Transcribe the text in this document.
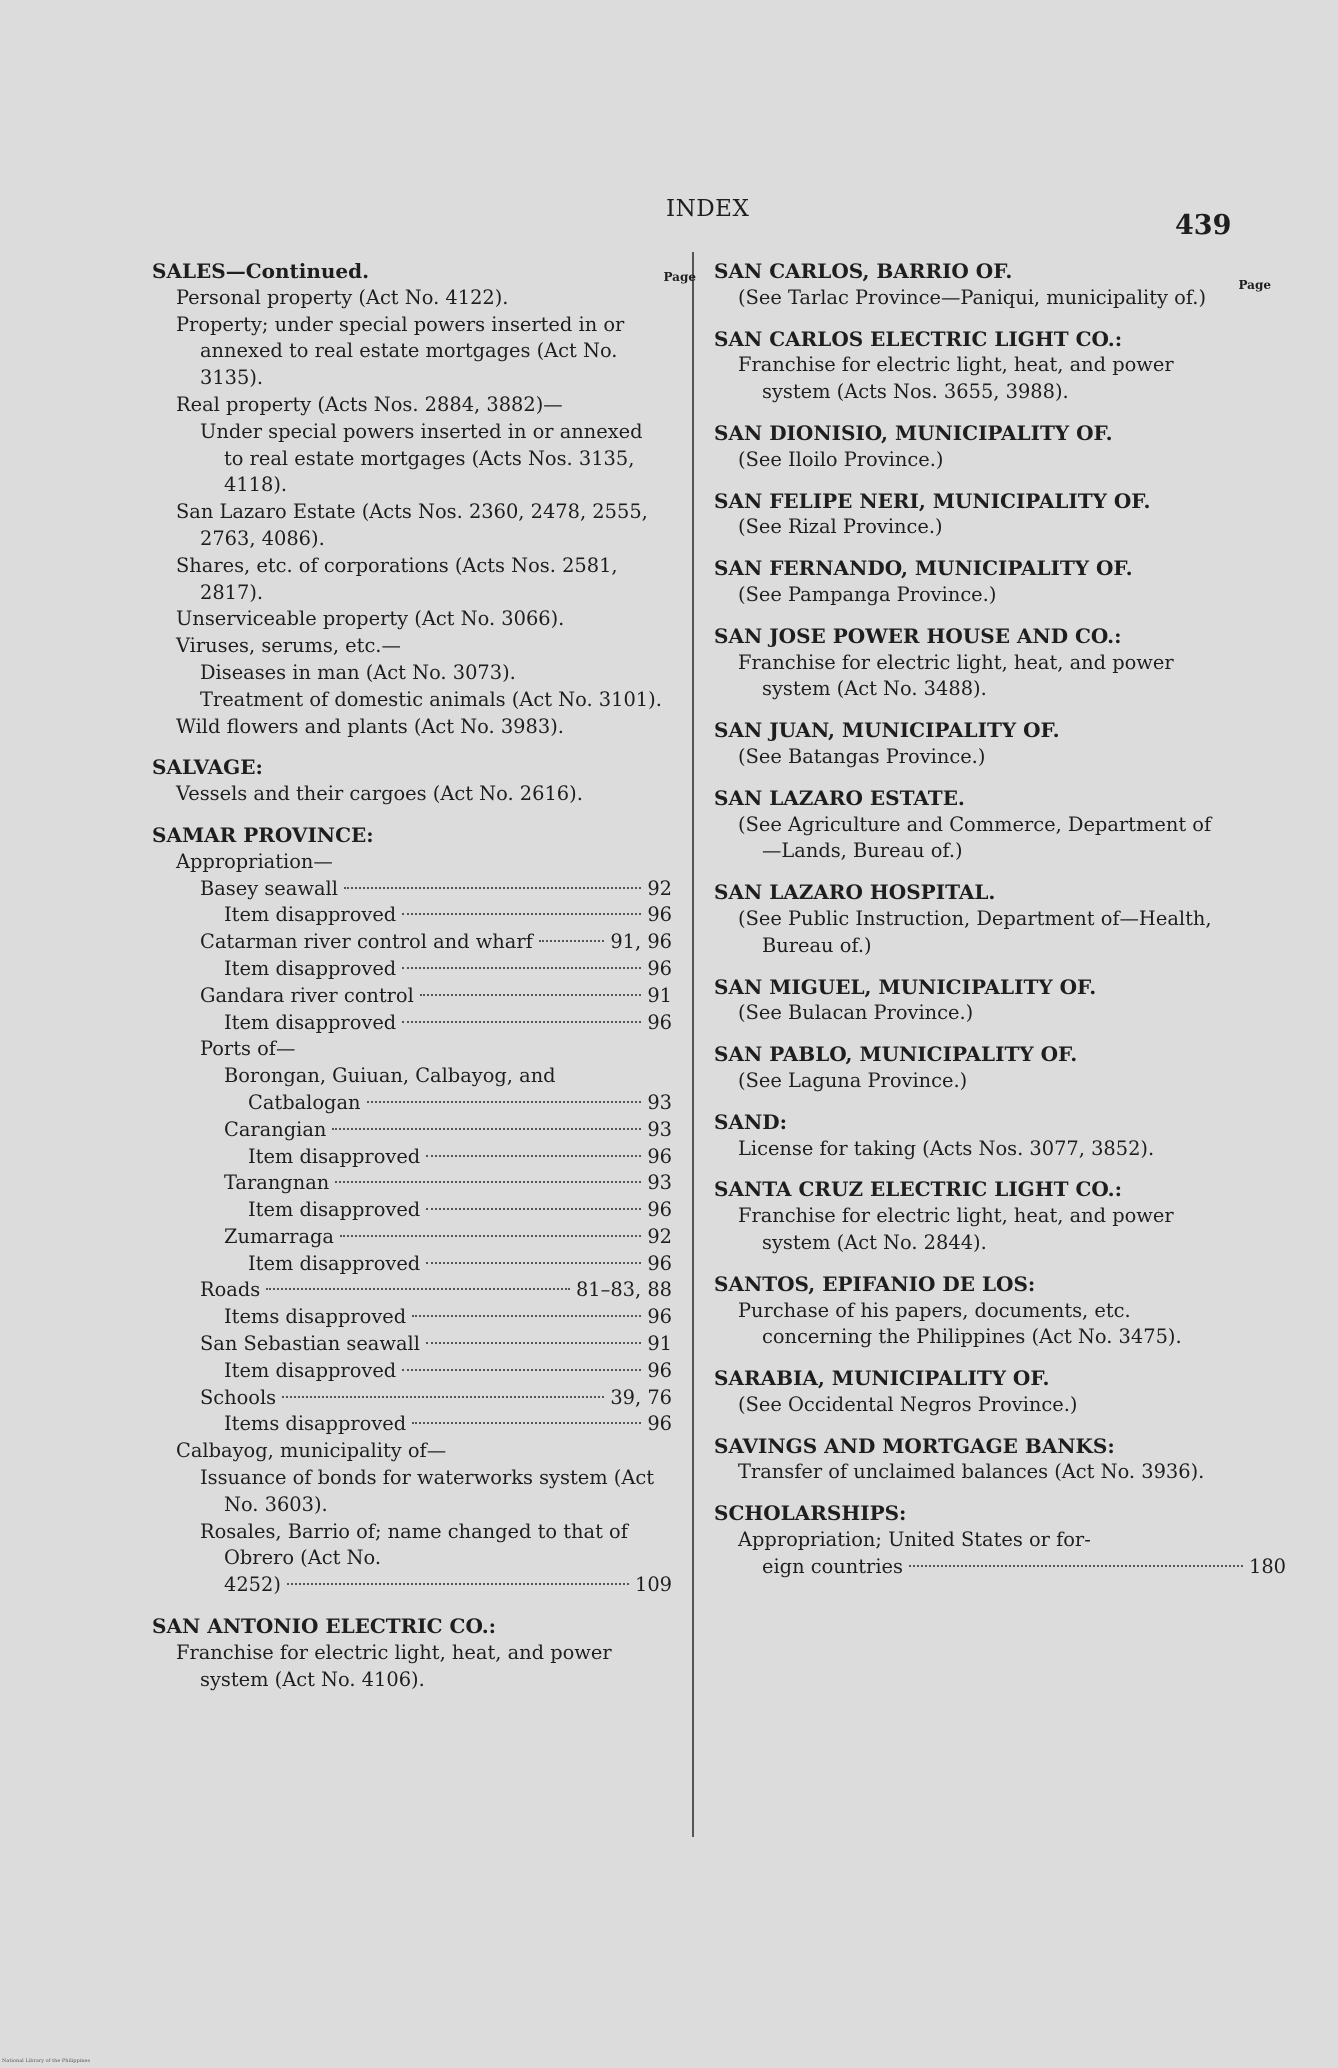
INDEX
439
Page
SALES—Continued.
Personal property (Act No. 4122).
Property; under special powers inserted in or annexed to real estate mortgages (Act No. 3135).
Real property (Acts Nos. 2884, 3882)—
Under special powers inserted in or annexed to real estate mortgages (Acts Nos. 3135, 4118).
San Lazaro Estate (Acts Nos. 2360, 2478, 2555, 2763, 4086).
Shares, etc. of corporations (Acts Nos. 2581, 2817).
Unserviceable property (Act No. 3066).
Viruses, serums, etc.—
Diseases in man (Act No. 3073).
Treatment of domestic animals (Act No. 3101).
Wild flowers and plants (Act No. 3983).
SALVAGE:
Vessels and their cargoes (Act No. 2616).
SAMAR PROVINCE:
Appropriation—
Basey seawall	92
Item disapproved	96
Catarman river control and wharf	91, 96
Item disapproved	96
Gandara river control	91
Item disapproved	96
Ports of—
Borongan, Guiuan, Calbayog, and
Catbalogan	93
Carangian	93
Item disapproved	96
Tarangnan	93
Item disapproved	96
Zumarraga	92
Item disapproved	96
Roads	81–83, 88
Items disapproved	96
San Sebastian seawall	91
Item disapproved	96
Schools	39, 76
Items disapproved	96
Calbayog, municipality of—
Issuance of bonds for waterworks system (Act No. 3603).
Rosales, Barrio of; name changed to that of Obrero (Act No.
4252)	109
SAN ANTONIO ELECTRIC CO.:
Franchise for electric light, heat, and power system (Act No. 4106).
Page
SAN CARLOS, BARRIO OF.
(See Tarlac Province—Paniqui, municipality of.)
SAN CARLOS ELECTRIC LIGHT CO.:
Franchise for electric light, heat, and power system (Acts Nos. 3655, 3988).
SAN DIONISIO, MUNICIPALITY OF.
(See Iloilo Province.)
SAN FELIPE NERI, MUNICIPALITY OF.
(See Rizal Province.)
SAN FERNANDO, MUNICIPALITY OF.
(See Pampanga Province.)
SAN JOSE POWER HOUSE AND CO.:
Franchise for electric light, heat, and power system (Act No. 3488).
SAN JUAN, MUNICIPALITY OF.
(See Batangas Province.)
SAN LAZARO ESTATE.
(See Agriculture and Commerce, Department of—Lands, Bureau of.)
SAN LAZARO HOSPITAL.
(See Public Instruction, Department of—Health, Bureau of.)
SAN MIGUEL, MUNICIPALITY OF.
(See Bulacan Province.)
SAN PABLO, MUNICIPALITY OF.
(See Laguna Province.)
SAND:
License for taking (Acts Nos. 3077, 3852).
SANTA CRUZ ELECTRIC LIGHT CO.:
Franchise for electric light, heat, and power system (Act No. 2844).
SANTOS, EPIFANIO DE LOS:
Purchase of his papers, documents, etc. concerning the Philippines (Act No. 3475).
SARABIA, MUNICIPALITY OF.
(See Occidental Negros Province.)
SAVINGS AND MORTGAGE BANKS:
Transfer of unclaimed balances (Act No. 3936).
SCHOLARSHIPS:
Appropriation; United States or for-
eign countries	180
National Library of the Philippines
